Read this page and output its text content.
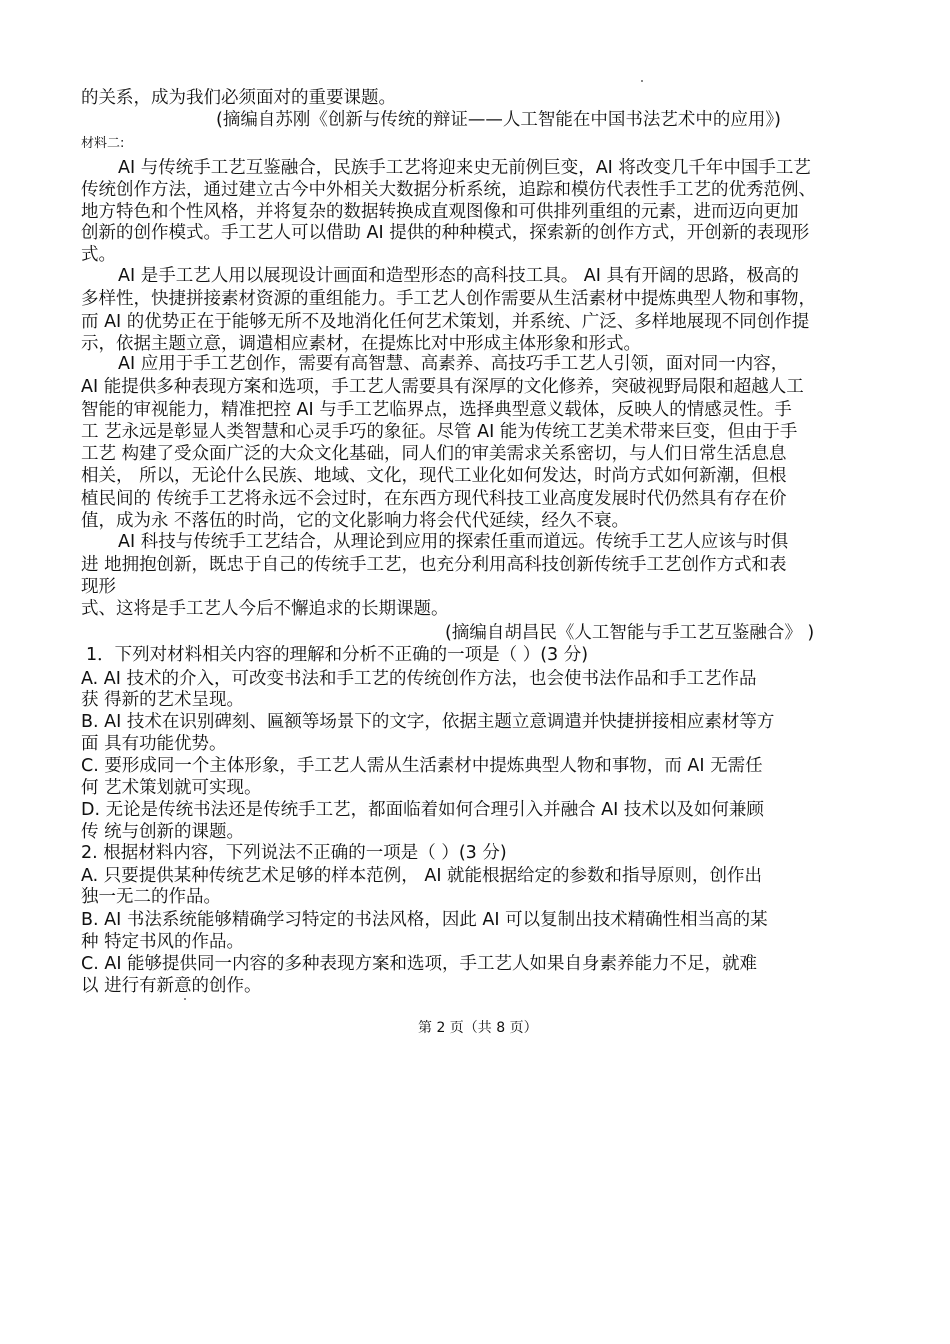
的关系，成为我们必须面对的重要课题。
(摘编自苏刚《创新与传统的辩证——人工智能在中国书法艺术中的应用》)
材料二:
AI 与传统手工艺互鉴融合，民族手工艺将迎来史无前例巨变，AI 将改变几千年中国手工艺
传统创作方法，通过建立古今中外相关大数据分析系统，追踪和模仿代表性手工艺的优秀范例、
地方特色和个性风格，并将复杂的数据转换成直观图像和可供排列重组的元素，进而迈向更加
创新的创作模式。手工艺人可以借助 AI 提供的种种模式，探索新的创作方式，开创新的表现形
式。
AI 是手工艺人用以展现设计画面和造型形态的高科技工具。 AI 具有开阔的思路，极高的
多样性，快捷拼接素材资源的重组能力。手工艺人创作需要从生活素材中提炼典型人物和事物，
而 AI 的优势正在于能够无所不及地消化任何艺术策划，并系统、广泛、多样地展现不同创作提
示，依据主题立意，调遣相应素材，在提炼比对中形成主体形象和形式。
AI 应用于手工艺创作，需要有高智慧、高素养、高技巧手工艺人引领，面对同一内容，
AI 能提供多种表现方案和选项，手工艺人需要具有深厚的文化修养，突破视野局限和超越人工
智能的审视能力，精准把控 AI 与手工艺临界点，选择典型意义载体，反映人的情感灵性。手
工 艺永远是彰显人类智慧和心灵手巧的象征。尽管 AI 能为传统工艺美术带来巨变，但由于手
工艺 构建了受众面广泛的大众文化基础，同人们的审美需求关系密切，与人们日常生活息息
相关， 所以，无论什么民族、地域、文化，现代工业化如何发达，时尚方式如何新潮，但根
植民间的 传统手工艺将永远不会过时，在东西方现代科技工业高度发展时代仍然具有存在价
值，成为永 不落伍的时尚，它的文化影响力将会代代延续，经久不衰。
AI 科技与传统手工艺结合，从理论到应用的探索任重而道远。传统手工艺人应该与时俱
进 地拥抱创新，既忠于自己的传统手工艺，也充分利用高科技创新传统手工艺创作方式和表
现形
式、这将是手工艺人今后不懈追求的长期课题。
(摘编自胡昌民《人工智能与手工艺互鉴融合》 )
1．下列对材料相关内容的理解和分析不正确的一项是（ ）(3 分)
A. AI 技术的介入，可改变书法和手工艺的传统创作方法，也会使书法作品和手工艺作品
获 得新的艺术呈现。
B. AI 技术在识别碑刻、匾额等场景下的文字，依据主题立意调遣并快捷拼接相应素材等方
面 具有功能优势。
C. 要形成同一个主体形象，手工艺人需从生活素材中提炼典型人物和事物，而 AI 无需任
何 艺术策划就可实现。
D. 无论是传统书法还是传统手工艺，都面临着如何合理引入并融合 AI 技术以及如何兼顾
传 统与创新的课题。
2. 根据材料内容，下列说法不正确的一项是（ ）(3 分)
A. 只要提供某种传统艺术足够的样本范例， AI 就能根据给定的参数和指导原则，创作出
独一无二的作品。
B. AI 书法系统能够精确学习特定的书法风格，因此 AI 可以复制出技术精确性相当高的某
种 特定书风的作品。
C. AI 能够提供同一内容的多种表现方案和选项，手工艺人如果自身素养能力不足，就难
以 进行有新意的创作。
第 2 页（共 8 页）
